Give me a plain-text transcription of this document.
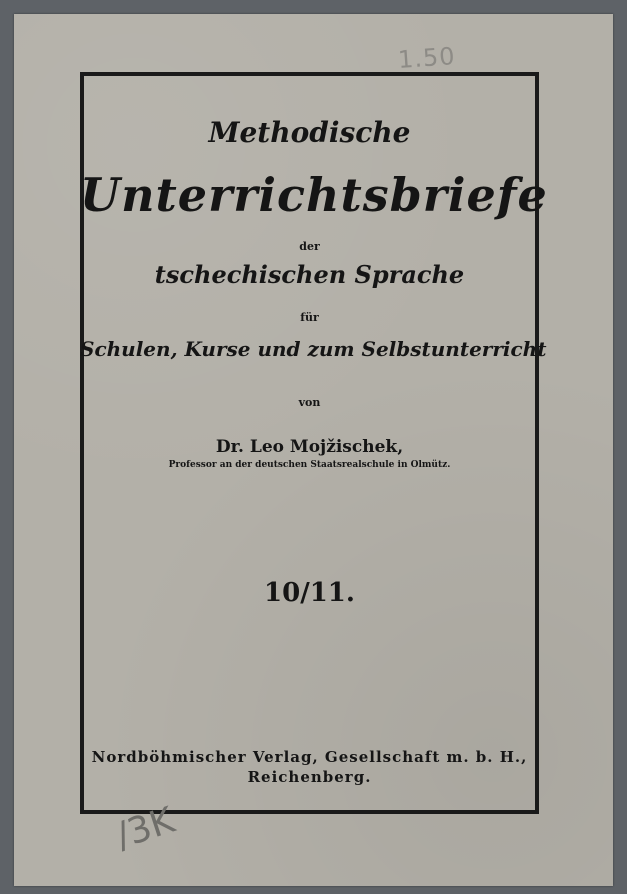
1.50
Methodische
Unterrichtsbriefe
der
tschechischen Sprache
für
Schulen, Kurse und zum Selbstunterricht
von
Dr. Leo Mojžischek,
Professor an der deutschen Staatsrealschule in Olmütz.
10/11.
Nordböhmischer Verlag, Gesellschaft m. b. H.,
Reichenberg.
/3K
